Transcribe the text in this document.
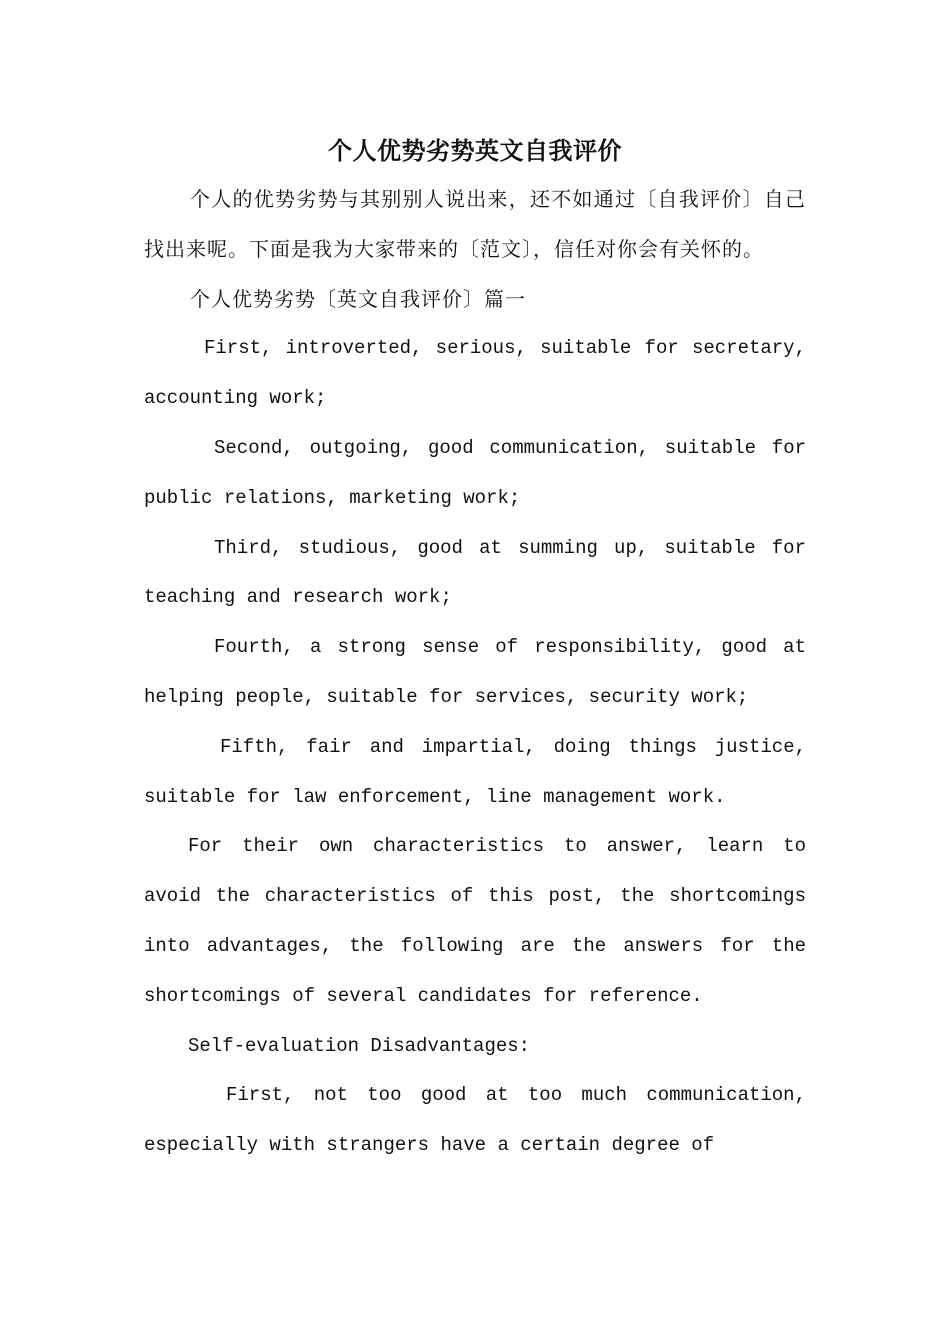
个人优势劣势英文自我评价

个人的优势劣势与其别别人说出来，还不如通过〔自我评价〕自己找出来呢。下面是我为大家带来的〔范文〕，信任对你会有关怀的。

个人优势劣势〔英文自我评价〕篇一

First, introverted, serious, suitable for secretary, accounting work;

Second, outgoing, good communication, suitable for public relations, marketing work;

Third, studious, good at summing up, suitable for teaching and research work;

Fourth, a strong sense of responsibility, good at helping people, suitable for services, security work;

Fifth, fair and impartial, doing things justice, suitable for law enforcement, line management work.

For their own characteristics to answer, learn to avoid the characteristics of this post, the shortcomings into advantages, the following are the answers for the shortcomings of several candidates for reference.

Self-evaluation Disadvantages:

First, not too good at too much communication, especially with strangers have a certain degree of
